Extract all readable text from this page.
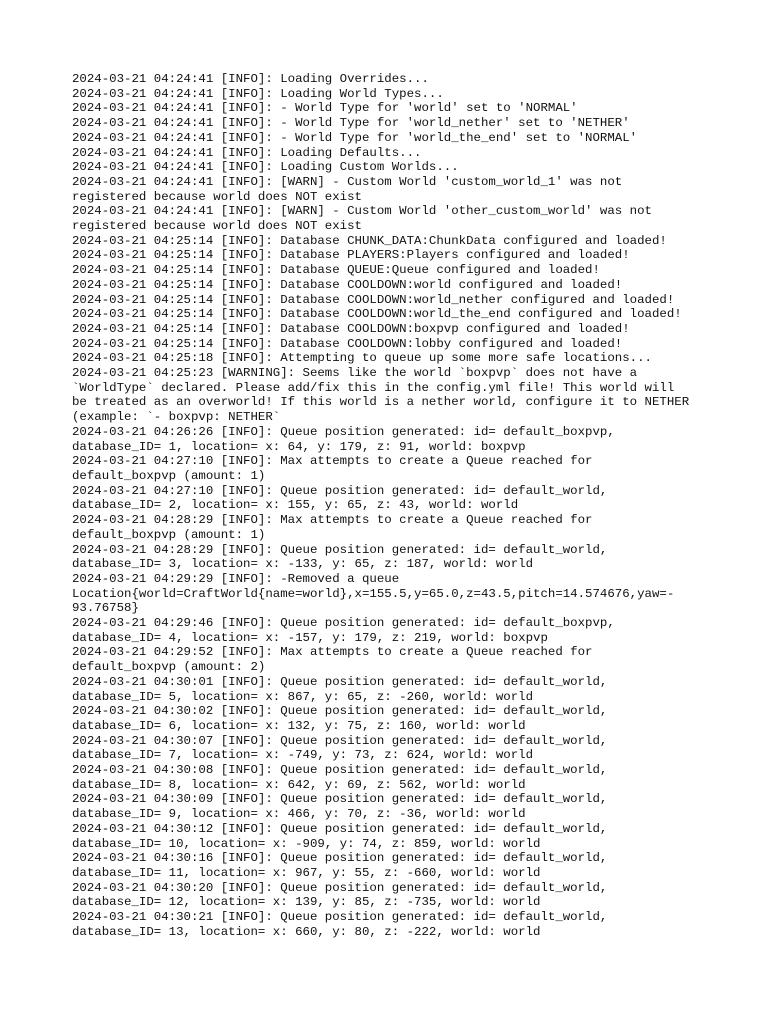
2024-03-21 04:24:41 [INFO]: Loading Overrides...
2024-03-21 04:24:41 [INFO]: Loading World Types...
2024-03-21 04:24:41 [INFO]: - World Type for 'world' set to 'NORMAL'
2024-03-21 04:24:41 [INFO]: - World Type for 'world_nether' set to 'NETHER'
2024-03-21 04:24:41 [INFO]: - World Type for 'world_the_end' set to 'NORMAL'
2024-03-21 04:24:41 [INFO]: Loading Defaults...
2024-03-21 04:24:41 [INFO]: Loading Custom Worlds...
2024-03-21 04:24:41 [INFO]: [WARN] - Custom World 'custom_world_1' was not
registered because world does NOT exist
2024-03-21 04:24:41 [INFO]: [WARN] - Custom World 'other_custom_world' was not
registered because world does NOT exist
2024-03-21 04:25:14 [INFO]: Database CHUNK_DATA:ChunkData configured and loaded!
2024-03-21 04:25:14 [INFO]: Database PLAYERS:Players configured and loaded!
2024-03-21 04:25:14 [INFO]: Database QUEUE:Queue configured and loaded!
2024-03-21 04:25:14 [INFO]: Database COOLDOWN:world configured and loaded!
2024-03-21 04:25:14 [INFO]: Database COOLDOWN:world_nether configured and loaded!
2024-03-21 04:25:14 [INFO]: Database COOLDOWN:world_the_end configured and loaded!
2024-03-21 04:25:14 [INFO]: Database COOLDOWN:boxpvp configured and loaded!
2024-03-21 04:25:14 [INFO]: Database COOLDOWN:lobby configured and loaded!
2024-03-21 04:25:18 [INFO]: Attempting to queue up some more safe locations...
2024-03-21 04:25:23 [WARNING]: Seems like the world `boxpvp` does not have a
`WorldType` declared. Please add/fix this in the config.yml file! This world will
be treated as an overworld! If this world is a nether world, configure it to NETHER
(example: `- boxpvp: NETHER`
2024-03-21 04:26:26 [INFO]: Queue position generated: id= default_boxpvp,
database_ID= 1, location= x: 64, y: 179, z: 91, world: boxpvp
2024-03-21 04:27:10 [INFO]: Max attempts to create a Queue reached for
default_boxpvp (amount: 1)
2024-03-21 04:27:10 [INFO]: Queue position generated: id= default_world,
database_ID= 2, location= x: 155, y: 65, z: 43, world: world
2024-03-21 04:28:29 [INFO]: Max attempts to create a Queue reached for
default_boxpvp (amount: 1)
2024-03-21 04:28:29 [INFO]: Queue position generated: id= default_world,
database_ID= 3, location= x: -133, y: 65, z: 187, world: world
2024-03-21 04:29:29 [INFO]: -Removed a queue
Location{world=CraftWorld{name=world},x=155.5,y=65.0,z=43.5,pitch=14.574676,yaw=-
93.76758}
2024-03-21 04:29:46 [INFO]: Queue position generated: id= default_boxpvp,
database_ID= 4, location= x: -157, y: 179, z: 219, world: boxpvp
2024-03-21 04:29:52 [INFO]: Max attempts to create a Queue reached for
default_boxpvp (amount: 2)
2024-03-21 04:30:01 [INFO]: Queue position generated: id= default_world,
database_ID= 5, location= x: 867, y: 65, z: -260, world: world
2024-03-21 04:30:02 [INFO]: Queue position generated: id= default_world,
database_ID= 6, location= x: 132, y: 75, z: 160, world: world
2024-03-21 04:30:07 [INFO]: Queue position generated: id= default_world,
database_ID= 7, location= x: -749, y: 73, z: 624, world: world
2024-03-21 04:30:08 [INFO]: Queue position generated: id= default_world,
database_ID= 8, location= x: 642, y: 69, z: 562, world: world
2024-03-21 04:30:09 [INFO]: Queue position generated: id= default_world,
database_ID= 9, location= x: 466, y: 70, z: -36, world: world
2024-03-21 04:30:12 [INFO]: Queue position generated: id= default_world,
database_ID= 10, location= x: -909, y: 74, z: 859, world: world
2024-03-21 04:30:16 [INFO]: Queue position generated: id= default_world,
database_ID= 11, location= x: 967, y: 55, z: -660, world: world
2024-03-21 04:30:20 [INFO]: Queue position generated: id= default_world,
database_ID= 12, location= x: 139, y: 85, z: -735, world: world
2024-03-21 04:30:21 [INFO]: Queue position generated: id= default_world,
database_ID= 13, location= x: 660, y: 80, z: -222, world: world
